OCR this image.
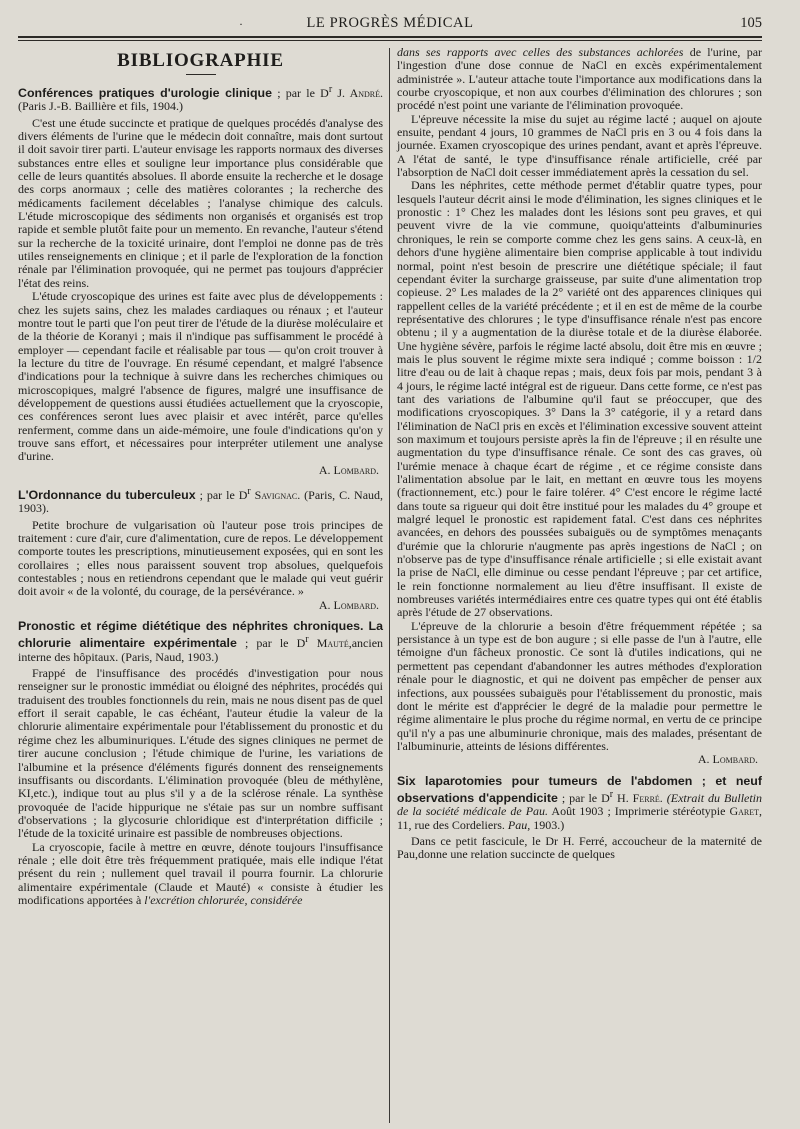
·	LE PROGRÈS MÉDICAL	105
BIBLIOGRAPHIE

Conférences pratiques d'urologie clinique ; par le $D^r$ J. André. (Paris J.-B. Baillière et fils, 1904.)

C'est une étude succincte et pratique de quelques procédés d'analyse des divers éléments de l'urine que le médecin doit connaître, mais dont surtout il doit savoir tirer parti. L'auteur envisage les rapports normaux des diverses substances entre elles et souligne leur importance plus considérable que celle de leurs quantités absolues. Il aborde ensuite la recherche et le dosage des corps anormaux ; celle des matières colorantes ; la recherche des médicaments facilement décelables ; l'analyse chimique des calculs. L'étude microscopique des sédiments non organisés et organisés est trop rapide et semble plutôt faite pour un memento. En revanche, l'auteur s'étend sur la recherche de la toxicité urinaire, dont l'emploi ne donne pas de très utiles renseignements en clinique ; et il parle de l'exploration de la fonction rénale par l'élimination provoquée, qui ne permet pas toujours d'apprécier l'état des reins.

L'étude cryoscopique des urines est faite avec plus de développements : chez les sujets sains, chez les malades cardiaques ou rénaux ; et l'auteur montre tout le parti que l'on peut tirer de l'étude de la diurèse moléculaire et de la théorie de Koranyi ; mais il n'indique pas suffisamment le procédé à employer — cependant facile et réalisable par tous — qu'on croit trouver à la lecture du titre de l'ouvrage. En résumé cependant, et malgré l'absence d'indications pour la technique à suivre dans les recherches chimiques ou microscopiques, malgré l'absence de figures, malgré une insuffisance de développement de questions aussi étudiées actuellement que la cryoscopie, ces conférences seront lues avec plaisir et avec intérêt, parce qu'elles renferment, comme dans un aide-mémoire, une foule d'indications qu'on y trouve sans effort, et nécessaires pour interpréter utilement une analyse d'urine.

A. Lombard.

L'Ordonnance du tuberculeux ; par le $D^r$ Savignac. (Paris, C. Naud, 1903).

Petite brochure de vulgarisation où l'auteur pose trois principes de traitement : cure d'air, cure d'alimentation, cure de repos. Le développement comporte toutes les prescriptions, minutieusement exposées, qui en sont les corollaires ; elles nous paraissent souvent trop absolues, quelquefois contestables ; nous en retiendrons cependant que le malade qui veut guérir doit avoir « de la volonté, du courage, de la persévérance. »

A. Lombard.

Pronostic et régime diététique des néphrites chroniques. La chlorurie alimentaire expérimentale ; par le $D^r$ Mauté,ancien interne des hôpitaux. (Paris, Naud, 1903.)

Frappé de l'insuffisance des procédés d'investigation pour nous renseigner sur le pronostic immédiat ou éloigné des néphrites, procédés qui traduisent des troubles fonctionnels du rein, mais ne nous disent pas de quel effort il serait capable, le cas échéant, l'auteur étudie la valeur de la chlorurie alimentaire expérimentale pour l'établissement du pronostic et du régime chez les albuminuriques. L'étude des signes cliniques ne permet de tirer aucune conclusion ; l'étude chimique de l'urine, les variations de l'albumine et la présence d'éléments figurés donnent des renseignements insuffisants ou discordants. L'élimination provoquée (bleu de méthylène, KI,etc.), indique tout au plus s'il y a de la sclérose rénale. La synthèse provoquée de l'acide hippurique ne s'étaie pas sur un nombre suffisant d'observations ; la glycosurie chloridique est d'interprétation difficile ; l'étude de la toxicité urinaire est passible de nombreuses objections.

La cryoscopie, facile à mettre en œuvre, dénote toujours l'insuffisance rénale ; elle doit être très fréquemment pratiquée, mais elle indique l'état présent du rein ; nullement quel travail il pourra fournir. La chlorurie alimentaire expérimentale (Claude et Mauté) « consiste à étudier les modifications apportées à l'excrétion chlorurée, considérée

dans ses rapports avec celles des substances achlorées de l'urine, par l'ingestion d'une dose connue de NaCl en excès expérimentalement administrée ». L'auteur attache toute l'importance aux modifications dans la courbe cryoscopique, et non aux courbes d'élimination des chlorures ; son procédé n'est point une variante de l'élimination provoquée.

L'épreuve nécessite la mise du sujet au régime lacté ; auquel on ajoute ensuite, pendant 4 jours, 10 grammes de NaCl pris en 3 ou 4 fois dans la journée. Examen cryoscopique des urines pendant, avant et après l'épreuve. A l'état de santé, le type d'insuffisance rénale artificielle, créé par l'absorption de NaCl doit cesser immédiatement après la cessation du sel.

Dans les néphrites, cette méthode permet d'établir quatre types, pour lesquels l'auteur décrit ainsi le mode d'élimination, les signes cliniques et le pronostic : 1° Chez les malades dont les lésions sont peu graves, et qui peuvent vivre de la vie commune, quoiqu'atteints d'albuminuries chroniques, le rein se comporte comme chez les gens sains. A ceux-là, en dehors d'une hygiène alimentaire bien comprise applicable à tout individu normal, point n'est besoin de prescrire une diététique spéciale; il faut cependant éviter la surcharge graisseuse, par suite d'une alimentation trop copieuse. 2° Les malades de la 2° variété ont des apparences cliniques qui rappellent celles de la variété précédente ; et il en est de même de la courbe représentative des chlorures ; le type d'insuffisance rénale n'est pas encore obtenu ; il y a augmentation de la diurèse totale et de la diurèse élaborée. Une hygiène sévère, parfois le régime lacté absolu, doit être mis en œuvre ; mais le plus souvent le régime mixte sera indiqué ; comme boisson : 1/2 litre d'eau ou de lait à chaque repas ; mais, deux fois par mois, pendant 3 à 4 jours, le régime lacté intégral est de rigueur. Dans cette forme, ce n'est pas tant des variations de l'albumine qu'il faut se préoccuper, que des modifications cryoscopiques. 3° Dans la 3° catégorie, il y a retard dans l'élimination de NaCl pris en excès et l'élimination excessive souvent atteint son maximum et toujours persiste après la fin de l'épreuve ; il en résulte une augmentation du type d'insuffisance rénale. Ce sont des cas graves, où l'urémie menace à chaque écart de régime , et ce régime consiste dans l'alimentation absolue par le lait, en mettant en œuvre tous les moyens (fractionnement, etc.) pour le faire tolérer. 4° C'est encore le régime lacté dans toute sa rigueur qui doit être institué pour les malades du 4° groupe et malgré lequel le pronostic est rapidement fatal. C'est dans ces néphrites avancées, en dehors des poussées subaiguës ou de symptômes menaçants d'urémie que la chlorurie n'augmente pas après ingestions de NaCl ; on n'observe pas de type d'insuffisance rénale artificielle ; si elle existait avant la prise de NaCl, elle diminue ou cesse pendant l'épreuve ; par cet artifice, le rein fonctionne normalement au lieu d'être insuffisant. Il existe de nombreuses variétés intermédiaires entre ces quatre types qui ont été établis après l'étude de 27 observations.

L'épreuve de la chlorurie a besoin d'être fréquemment répétée ; sa persistance à un type est de bon augure ; si elle passe de l'un à l'autre, elle témoigne d'un fâcheux pronostic. Ce sont là d'utiles indications, qui ne permettent pas cependant d'abandonner les autres méthodes d'exploration rénale pour le diagnostic, et qui ne doivent pas empêcher de penser aux infections, aux poussées subaiguës pour l'établissement du pronostic, mais dont le mérite est d'apprécier le degré de la maladie pour permettre le régime alimentaire le plus proche du régime normal, en vertu de ce principe qu'il n'y a pas une albuminurie chronique, mais des malades, présentant de l'albuminurie, atteints de lésions différentes.

A. Lombard.

Six laparotomies pour tumeurs de l'abdomen ; et neuf observations d'appendicite ; par le $D^r$ H. Ferré. (Extrait du Bulletin de la société médicale de Pau. Août 1903 ; Imprimerie stéréotypie Garet, 11, rue des Cordeliers. Pau, 1903.)

Dans ce petit fascicule, le Dr H. Ferré, accoucheur de la maternité de Pau,donne une relation succincte de quelques
